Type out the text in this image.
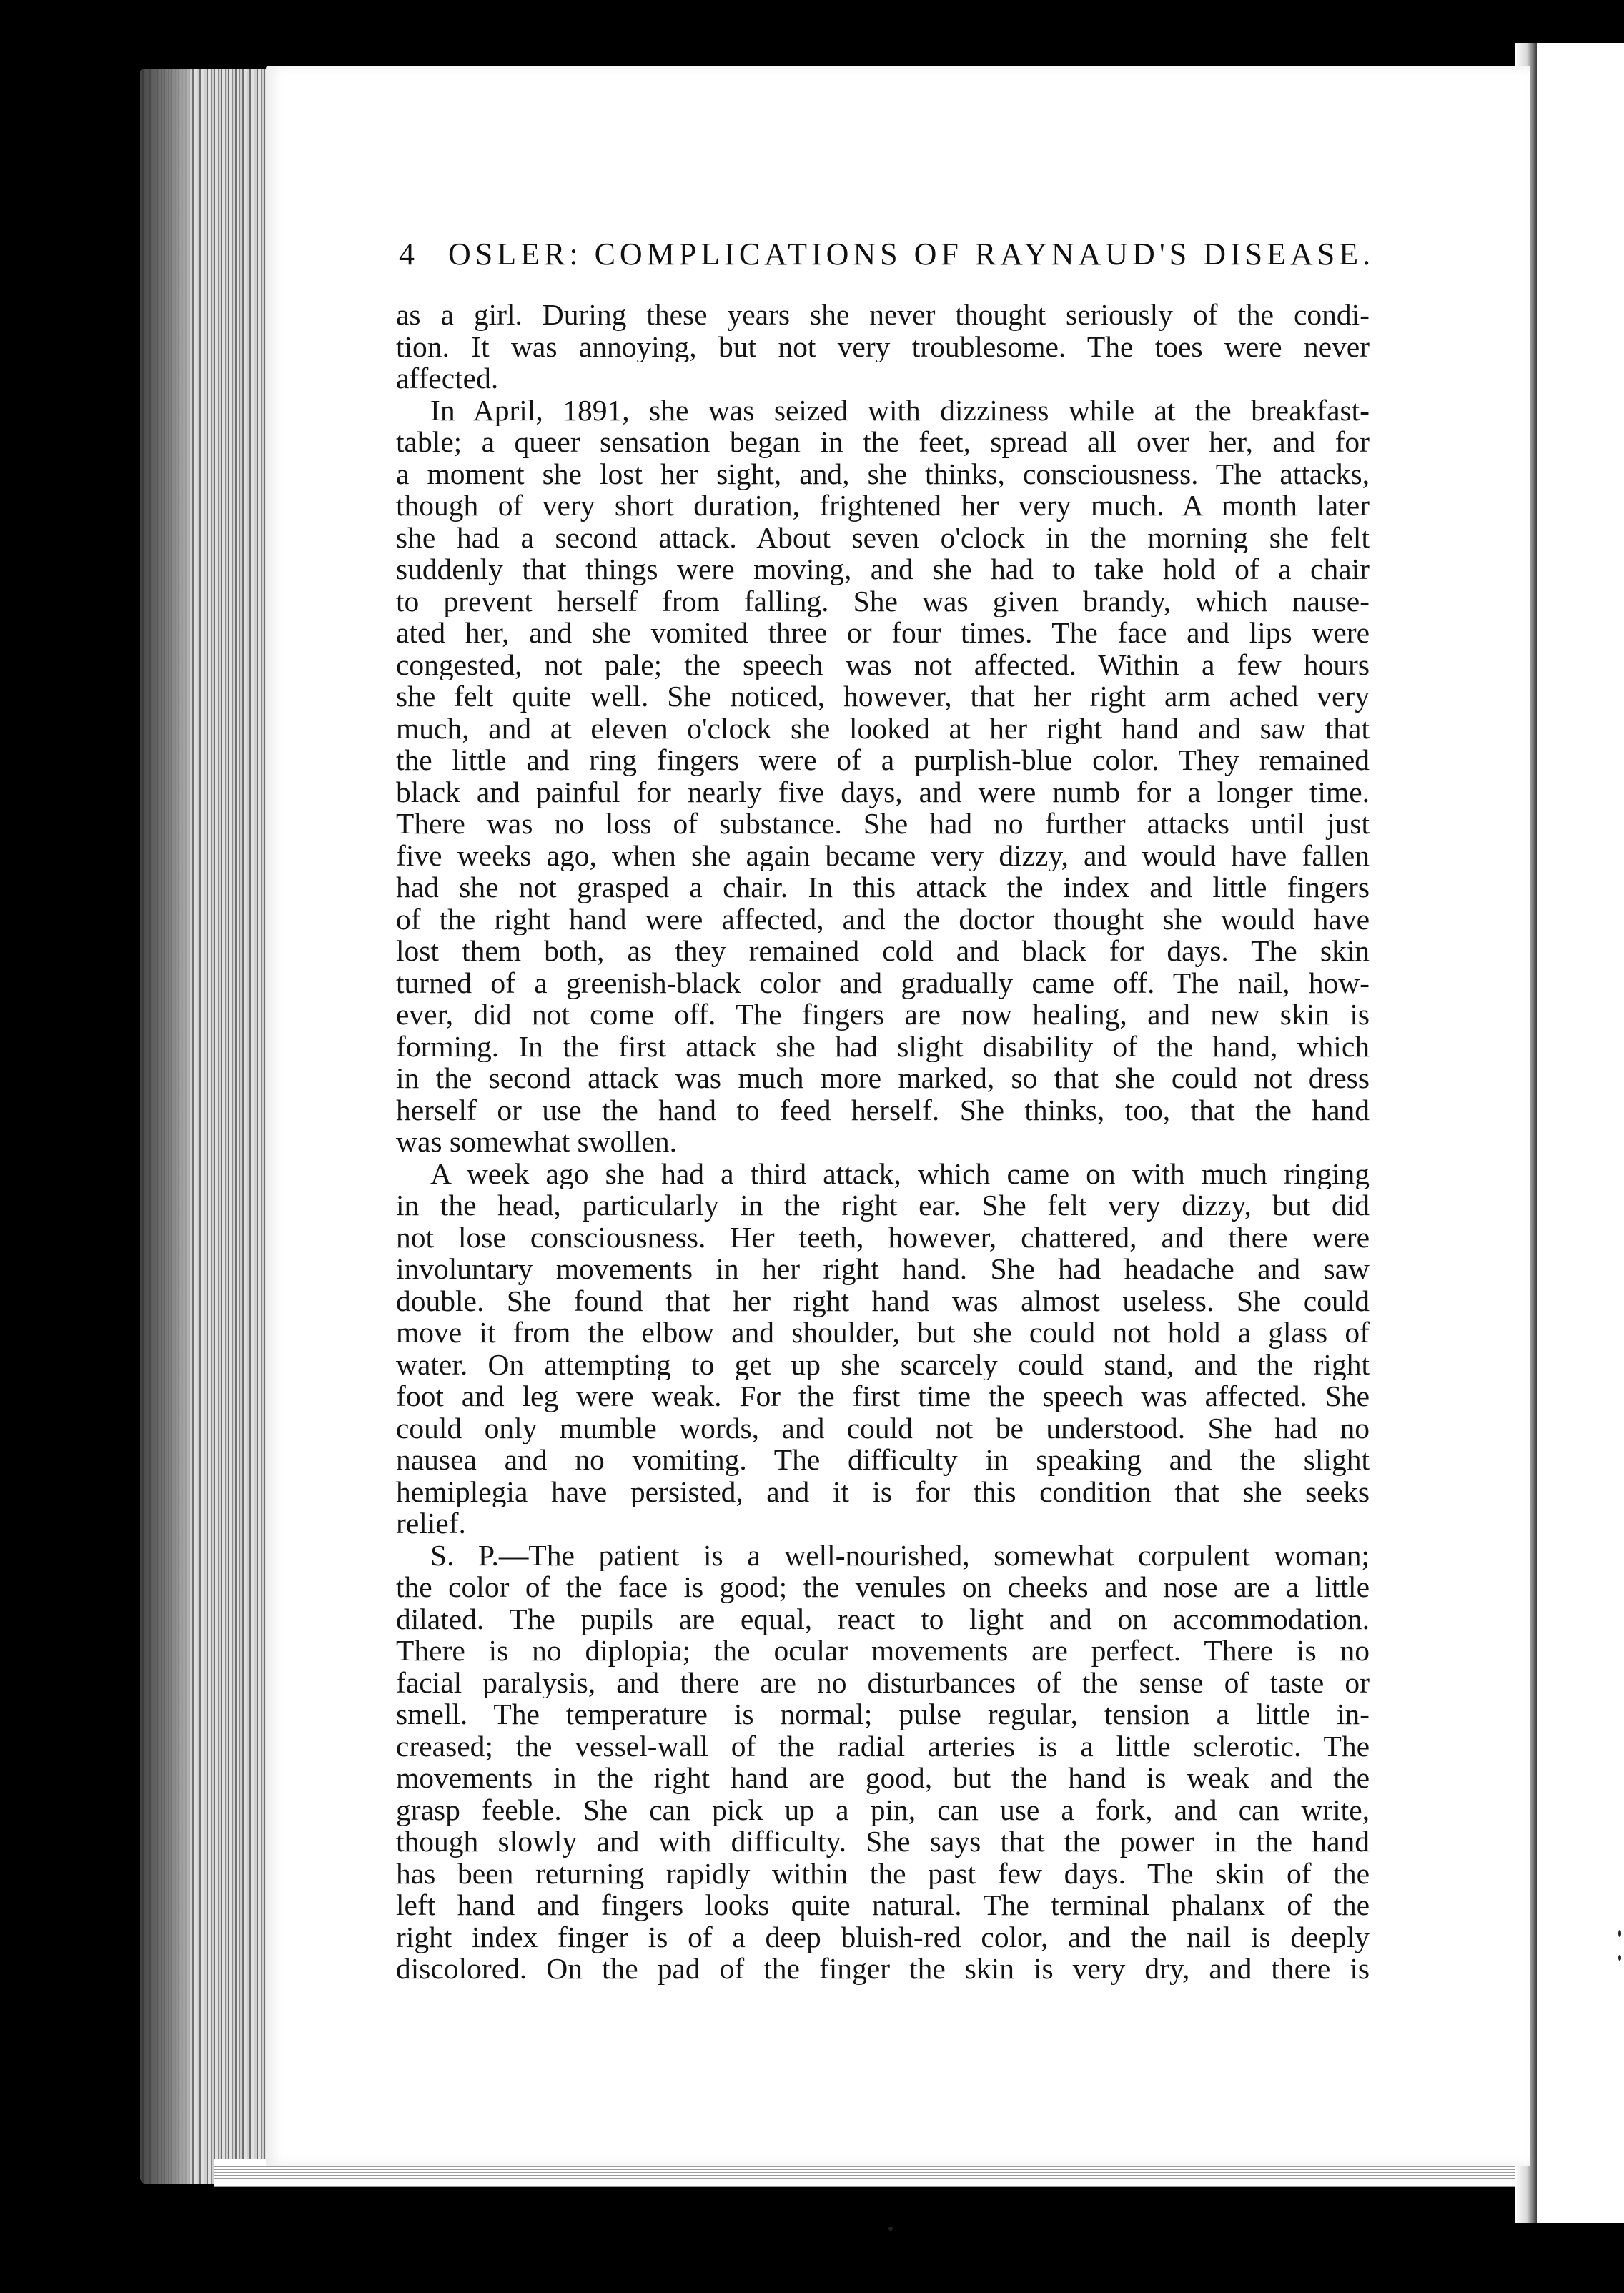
4 OSLER: COMPLICATIONS OF RAYNAUD'S DISEASE.

as a girl. During these years she never thought seriously of the condi-

tion. It was annoying, but not very troublesome. The toes were never

affected.

In April, 1891, she was seized with dizziness while at the breakfast-

table; a queer sensation began in the feet, spread all over her, and for

a moment she lost her sight, and, she thinks, consciousness. The attacks,

though of very short duration, frightened her very much. A month later

she had a second attack. About seven o'clock in the morning she felt

suddenly that things were moving, and she had to take hold of a chair

to prevent herself from falling. She was given brandy, which nause-

ated her, and she vomited three or four times. The face and lips were

congested, not pale; the speech was not affected. Within a few hours

she felt quite well. She noticed, however, that her right arm ached very

much, and at eleven o'clock she looked at her right hand and saw that

the little and ring fingers were of a purplish-blue color. They remained

black and painful for nearly five days, and were numb for a longer time.

There was no loss of substance. She had no further attacks until just

five weeks ago, when she again became very dizzy, and would have fallen

had she not grasped a chair. In this attack the index and little fingers

of the right hand were affected, and the doctor thought she would have

lost them both, as they remained cold and black for days. The skin

turned of a greenish-black color and gradually came off. The nail, how-

ever, did not come off. The fingers are now healing, and new skin is

forming. In the first attack she had slight disability of the hand, which

in the second attack was much more marked, so that she could not dress

herself or use the hand to feed herself. She thinks, too, that the hand

was somewhat swollen.

A week ago she had a third attack, which came on with much ringing

in the head, particularly in the right ear. She felt very dizzy, but did

not lose consciousness. Her teeth, however, chattered, and there were

involuntary movements in her right hand. She had headache and saw

double. She found that her right hand was almost useless. She could

move it from the elbow and shoulder, but she could not hold a glass of

water. On attempting to get up she scarcely could stand, and the right

foot and leg were weak. For the first time the speech was affected. She

could only mumble words, and could not be understood. She had no

nausea and no vomiting. The difficulty in speaking and the slight

hemiplegia have persisted, and it is for this condition that she seeks

relief.

S. P.—The patient is a well-nourished, somewhat corpulent woman;

the color of the face is good; the venules on cheeks and nose are a little

dilated. The pupils are equal, react to light and on accommodation.

There is no diplopia; the ocular movements are perfect. There is no

facial paralysis, and there are no disturbances of the sense of taste or

smell. The temperature is normal; pulse regular, tension a little in-

creased; the vessel-wall of the radial arteries is a little sclerotic. The

movements in the right hand are good, but the hand is weak and the

grasp feeble. She can pick up a pin, can use a fork, and can write,

though slowly and with difficulty. She says that the power in the hand

has been returning rapidly within the past few days. The skin of the

left hand and fingers looks quite natural. The terminal phalanx of the

right index finger is of a deep bluish-red color, and the nail is deeply

discolored. On the pad of the finger the skin is very dry, and there is
